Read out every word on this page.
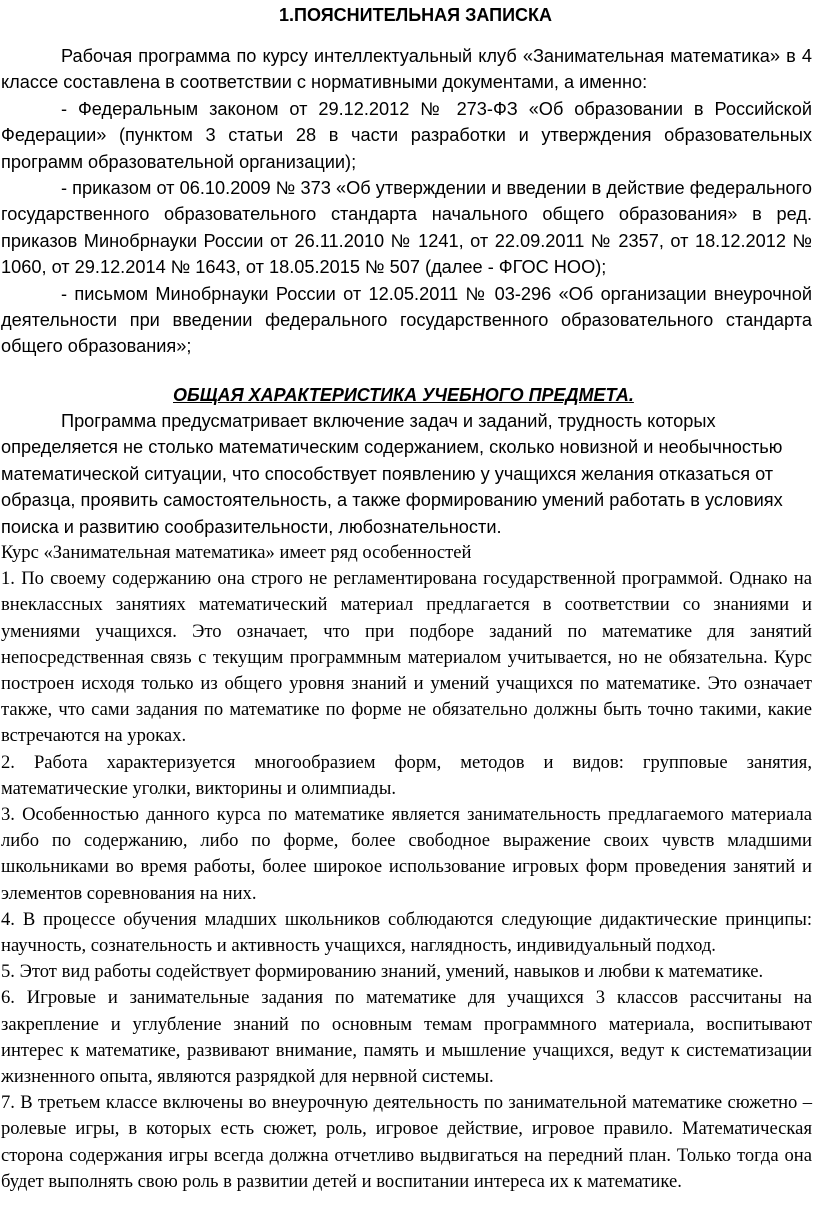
1.ПОЯСНИТЕЛЬНАЯ ЗАПИСКА

Рабочая программа по курсу интеллектуальный клуб «Занимательная математика» в 4 классе составлена в соответствии с нормативными документами, а именно:

- Федеральным законом от 29.12.2012 № 273-ФЗ «Об образовании в Российской Федерации» (пунктом 3 статьи 28 в части разработки и утверждения образовательных программ образовательной организации);

- приказом от 06.10.2009 № 373 «Об утверждении и введении в действие федерального государственного образовательного стандарта начального общего образования» в ред. приказов Минобрнауки России от 26.11.2010 № 1241, от 22.09.2011 № 2357, от 18.12.2012 № 1060, от 29.12.2014 № 1643, от 18.05.2015 № 507 (далее - ФГОС НОО);

- письмом Минобрнауки России от 12.05.2011 № 03-296 «Об организации внеурочной деятельности при введении федерального государственного образовательного стандарта общего образования»;

ОБЩАЯ ХАРАКТЕРИСТИКА УЧЕБНОГО ПРЕДМЕТА.

Программа предусматривает включение задач и заданий, трудность которых определяется не столько математическим содержанием, сколько новизной и необычностью математической ситуации, что способствует появлению у учащихся желания отказаться от образца, проявить самостоятельность, а также формированию умений работать в условиях поиска и развитию сообразительности, любознательности.

Курс «Занимательная математика» имеет ряд особенностей

1. По своему содержанию она строго не регламентирована государственной программой. Однако на внеклассных занятиях математический материал предлагается в соответствии со знаниями и умениями учащихся. Это означает, что при подборе заданий по математике для занятий непосредственная связь с текущим программным материалом учитывается, но не обязательна. Курс построен исходя только из общего уровня знаний и умений учащихся по математике. Это означает также, что сами задания по математике по форме не обязательно должны быть точно такими, какие встречаются на уроках.

2. Работа характеризуется многообразием форм, методов и видов: групповые занятия, математические уголки, викторины и олимпиады.

3. Особенностью данного курса по математике является занимательность предлагаемого материала либо по содержанию, либо по форме, более свободное выражение своих чувств младшими школьниками во время работы, более широкое использование игровых форм проведения занятий и элементов соревнования на них.

4. В процессе обучения младших школьников соблюдаются следующие дидактические принципы: научность, сознательность и активность учащихся, наглядность, индивидуальный подход.

5. Этот вид работы содействует формированию знаний, умений, навыков и любви к математике.

6. Игровые и занимательные задания по математике для учащихся 3 классов рассчитаны на закрепление и углубление знаний по основным темам программного материала, воспитывают интерес к математике, развивают внимание, память и мышление учащихся, ведут к систематизации жизненного опыта, являются разрядкой для нервной системы.

7. В третьем классе включены во внеурочную деятельность по занимательной математике сюжетно – ролевые игры, в которых есть сюжет, роль, игровое действие, игровое правило. Математическая сторона содержания игры всегда должна отчетливо выдвигаться на передний план. Только тогда она будет выполнять свою роль в развитии детей и воспитании интереса их к математике.
